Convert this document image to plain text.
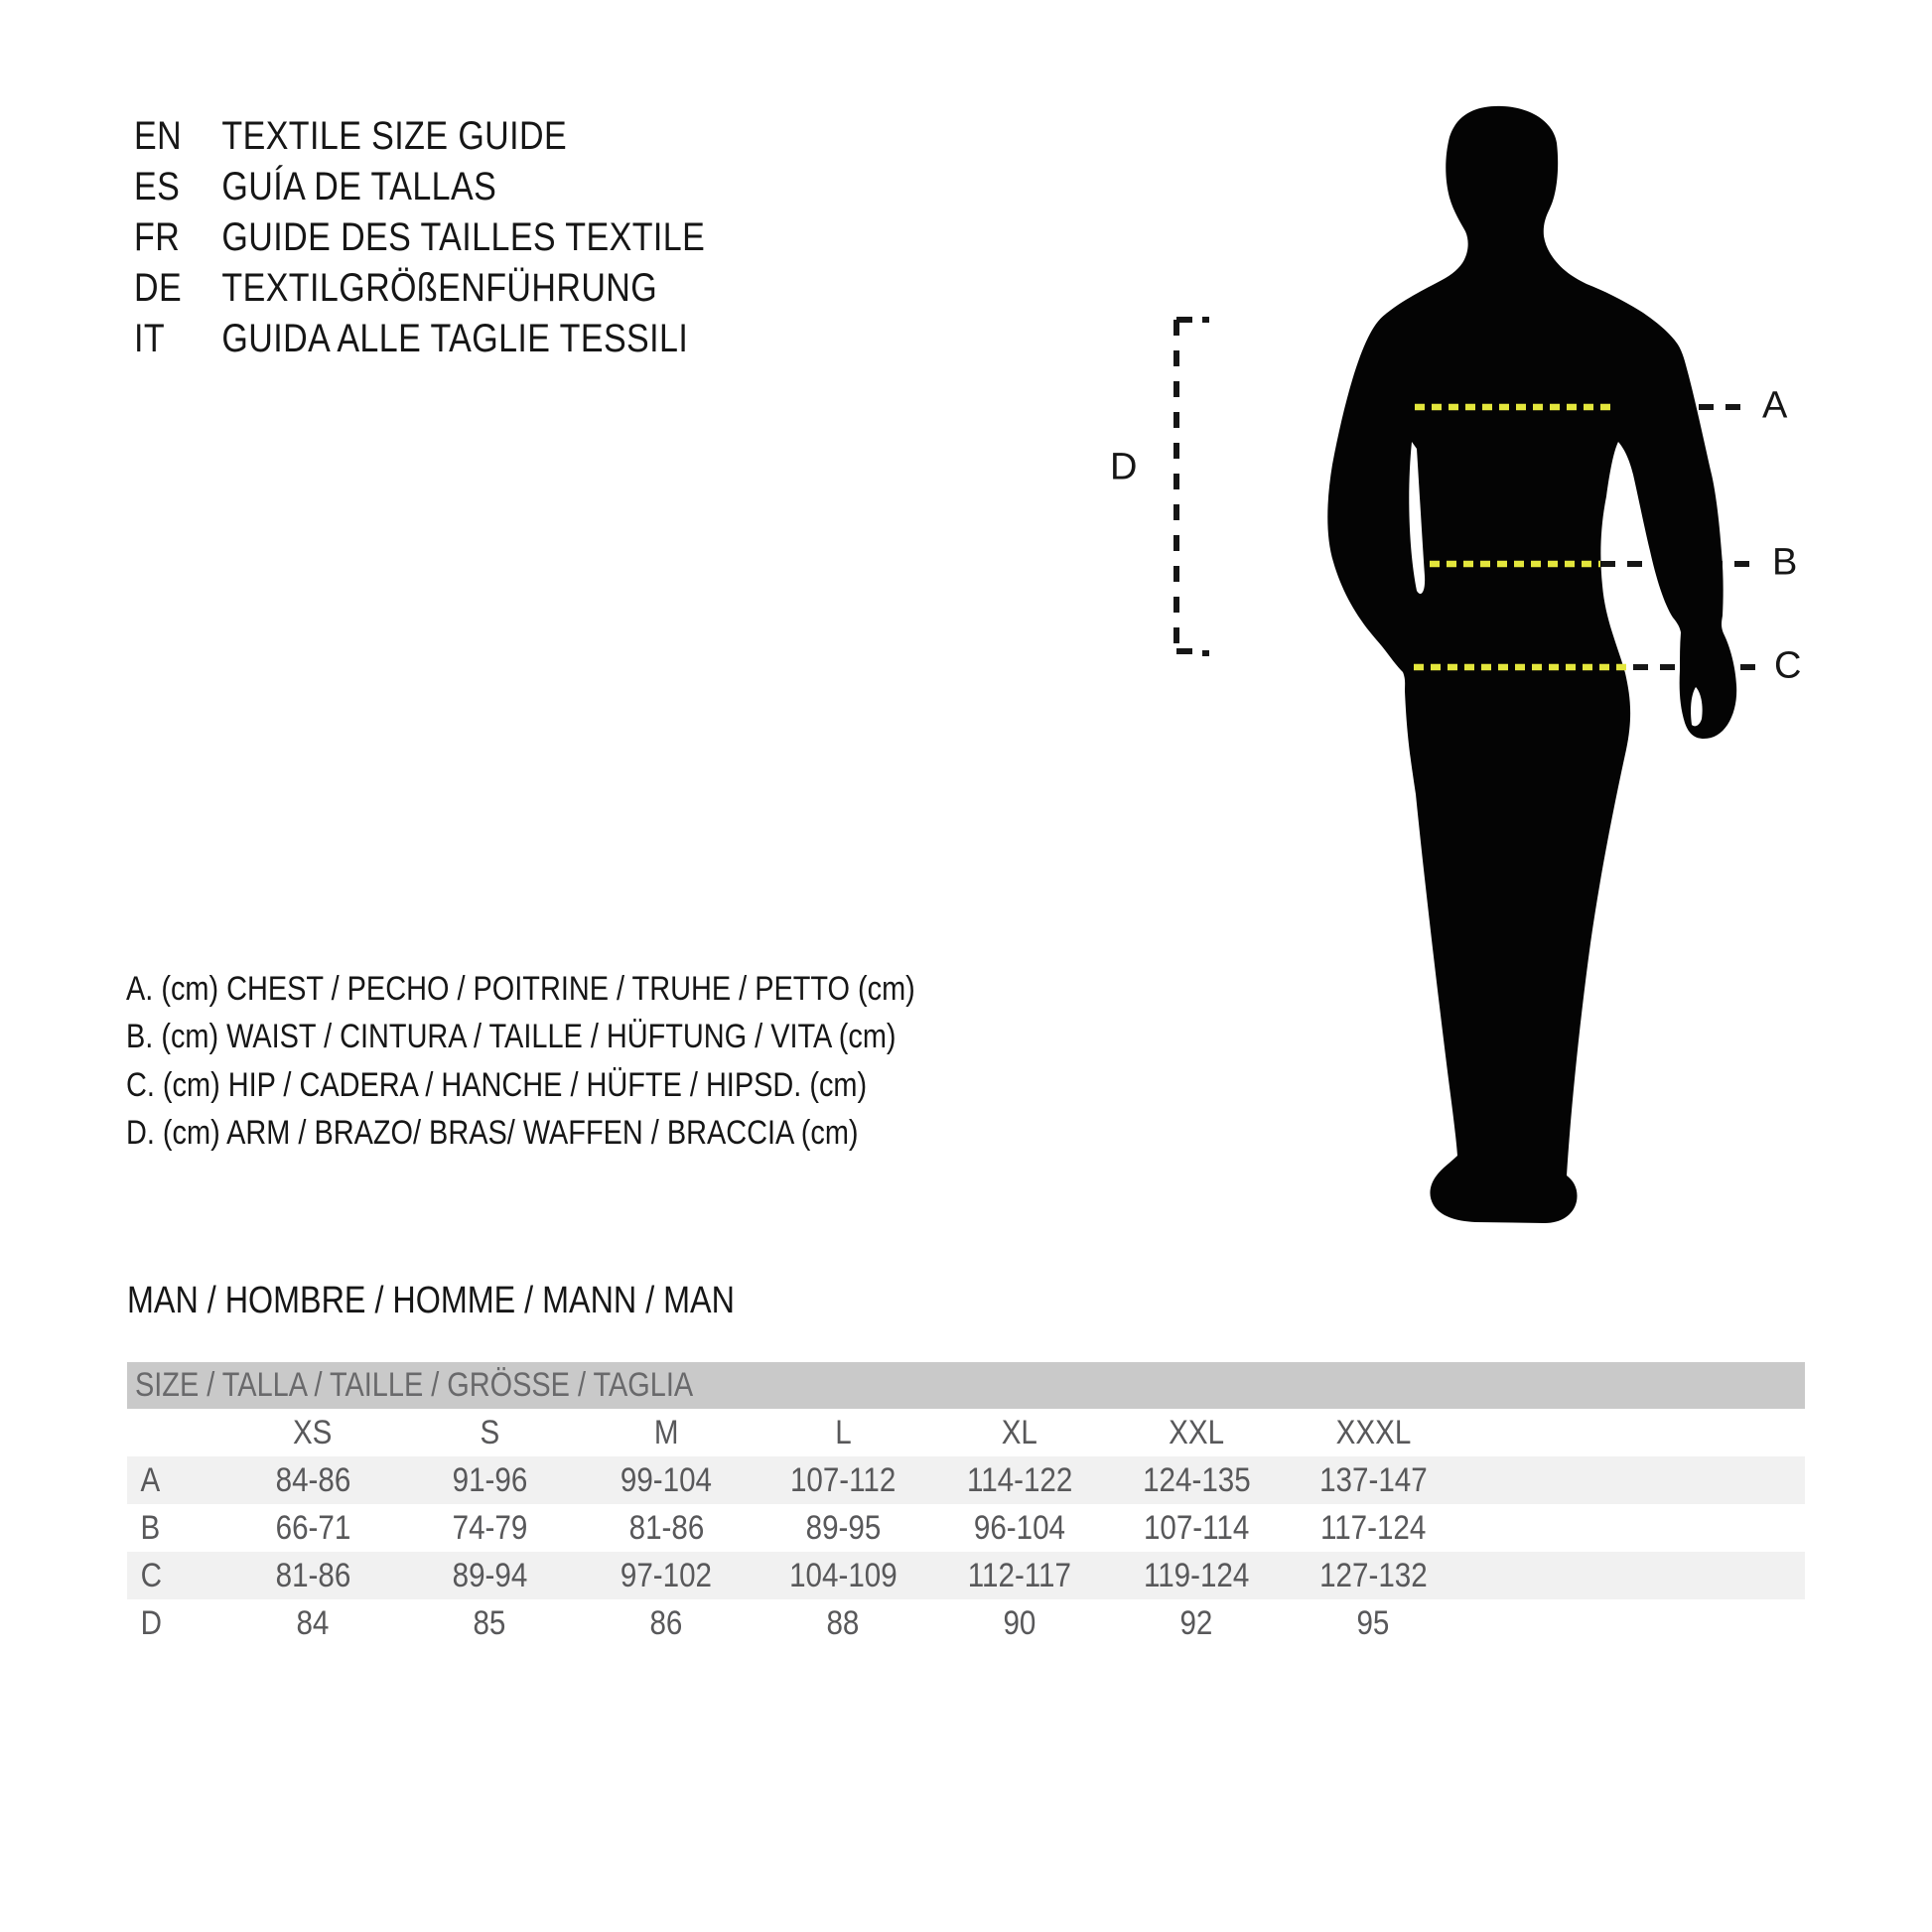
EN	TEXTILE SIZE GUIDE
ES	GUÍA DE TALLAS
FR	GUIDE DES TAILLES TEXTILE
DE	TEXTILGRÖßENFÜHRUNG
IT	GUIDA ALLE TAGLIE TESSILI
A
B
C
D
A. (cm) CHEST / PECHO / POITRINE / TRUHE / PETTO (cm)
B. (cm) WAIST / CINTURA / TAILLE / HÜFTUNG / VITA (cm)
C. (cm) HIP / CADERA / HANCHE / HÜFTE / HIPSD. (cm)
D. (cm) ARM / BRAZO/ BRAS/ WAFFEN / BRACCIA (cm)
MAN / HOMBRE / HOMME / MANN / MAN
SIZE / TALLA / TAILLE / GRÖSSE / TAGLIA
XS	S	M	L	XL	XXL	XXXL
A	84-86	91-96	99-104	107-112	114-122	124-135	137-147
B	66-71	74-79	81-86	89-95	96-104	107-114	117-124
C	81-86	89-94	97-102	104-109	112-117	119-124	127-132
D	84	85	86	88	90	92	95
